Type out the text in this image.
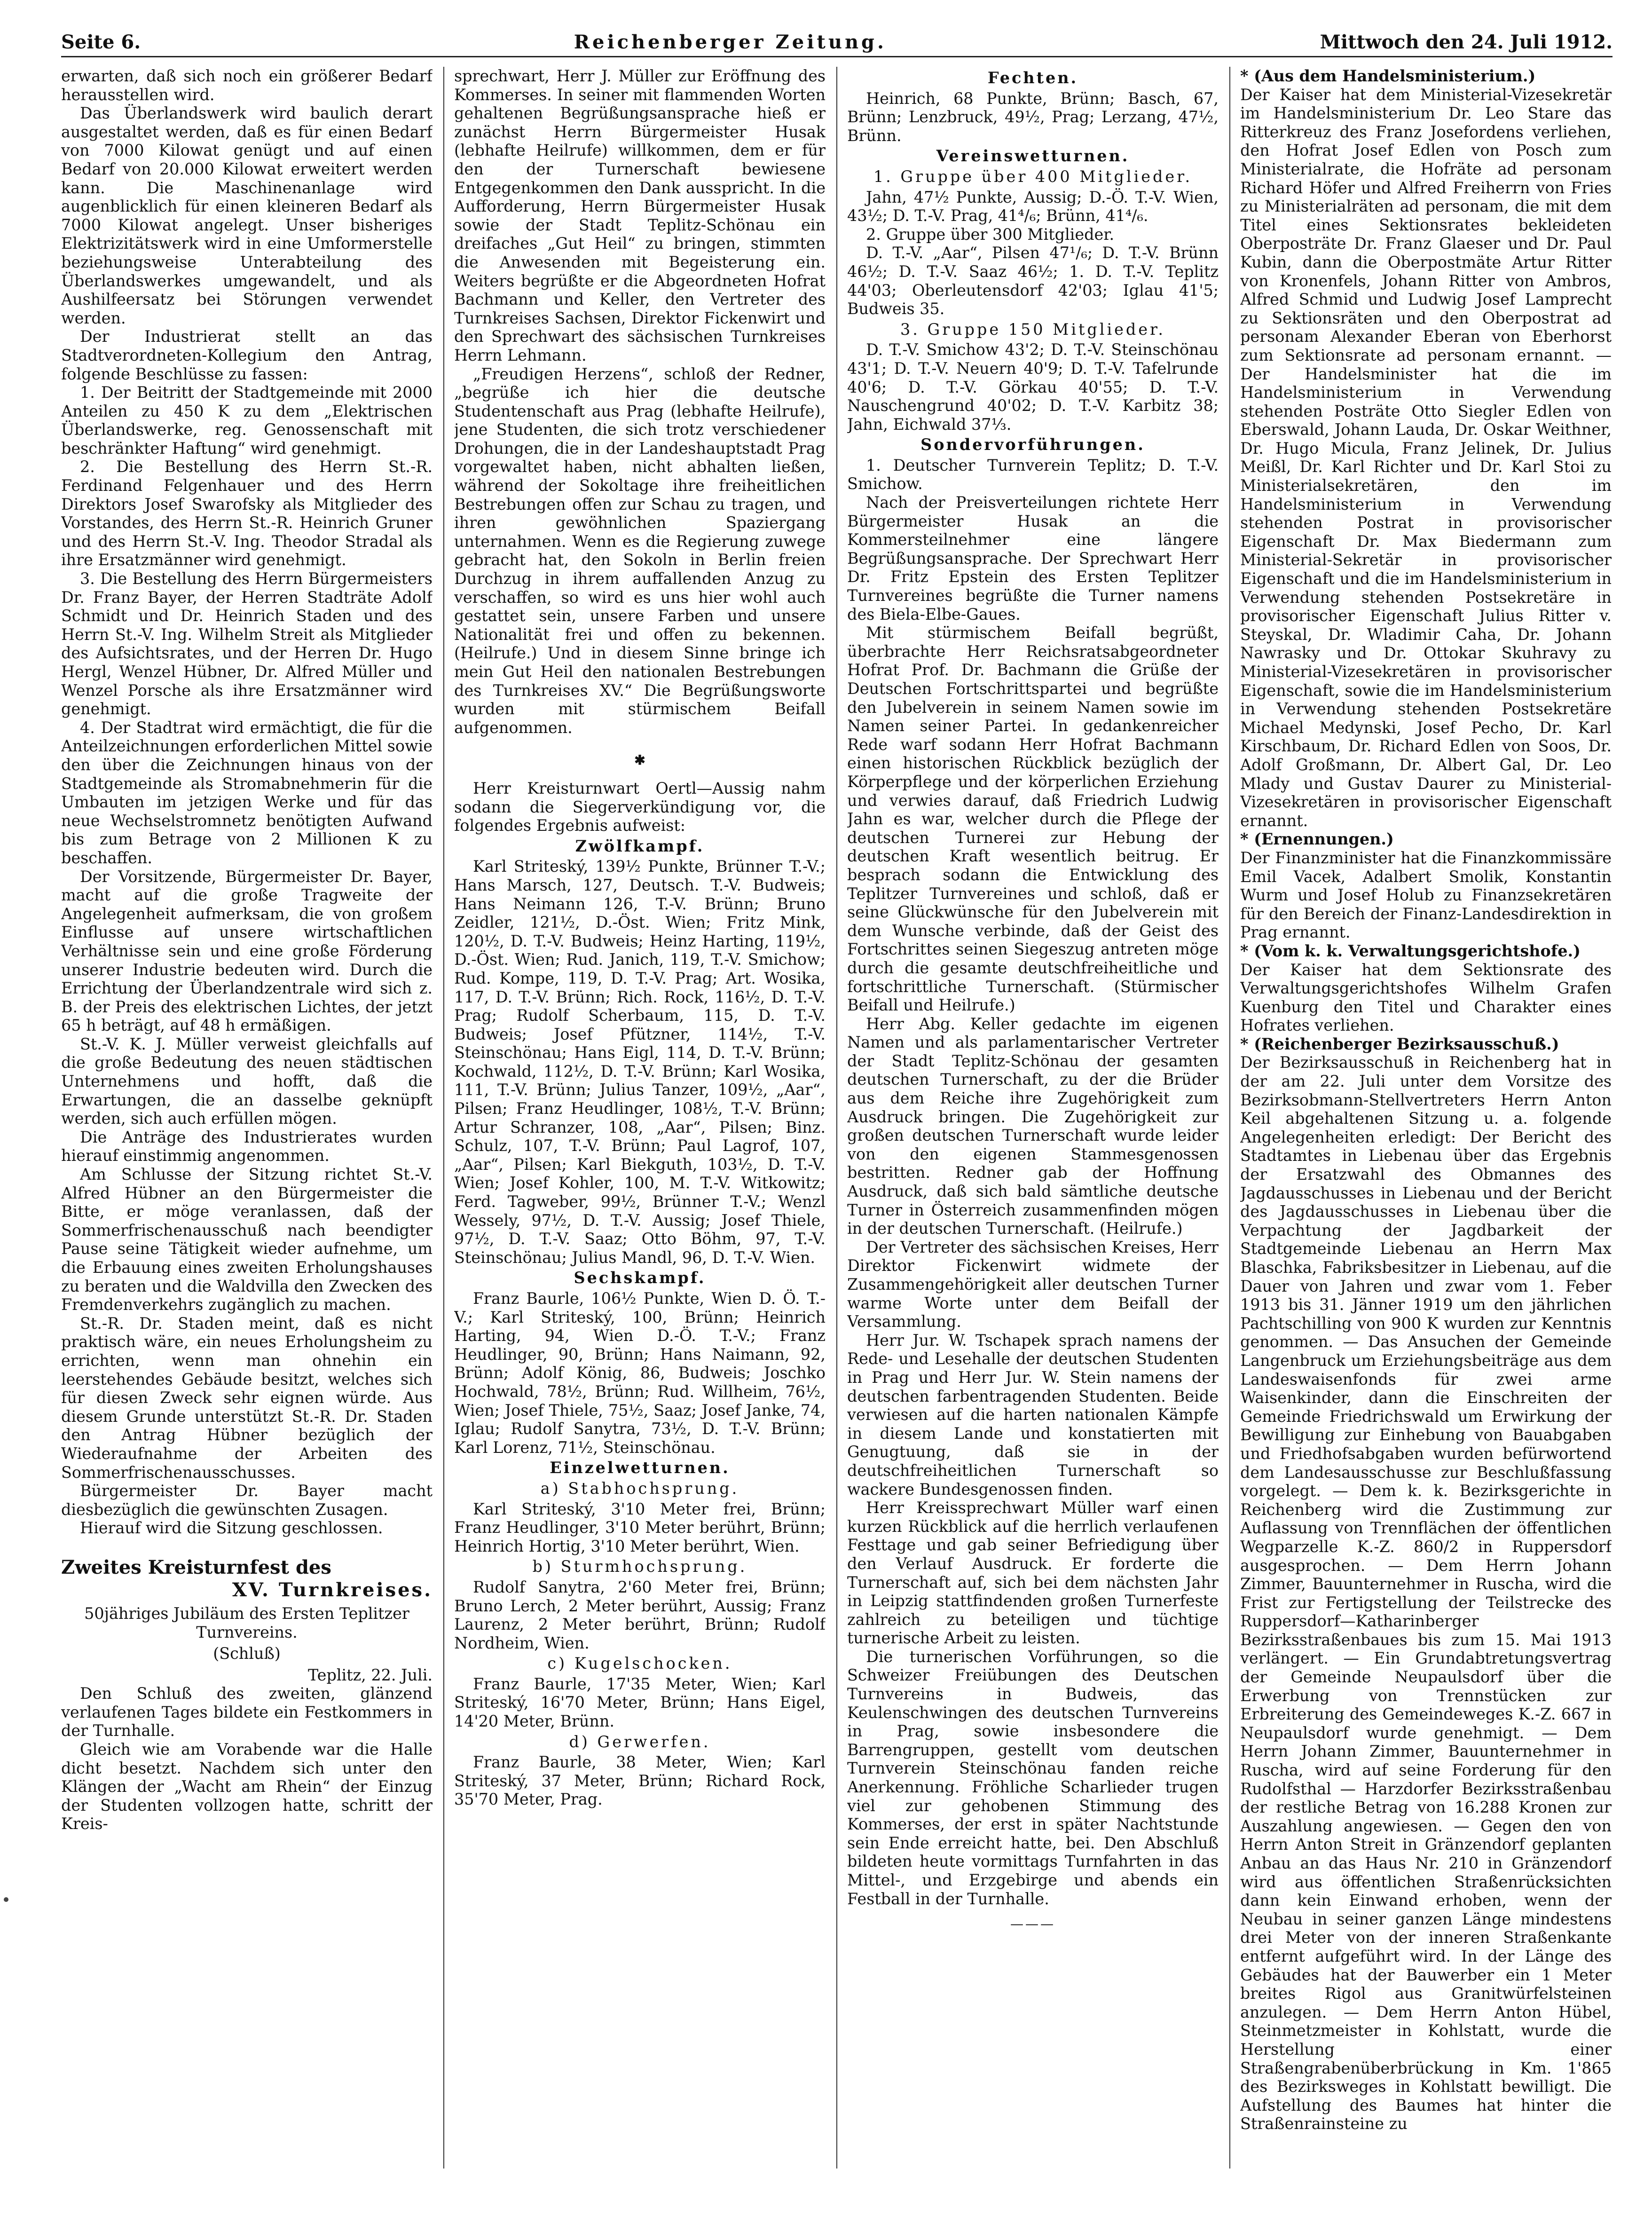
Seite 6.	Reichenberger Zeitung.	Mittwoch den 24. Juli 1912.

erwarten, daß sich noch ein größerer Bedarf herausstellen wird.

Das Überlandswerk wird baulich derart ausgestaltet werden, daß es für einen Bedarf von 7000 Kilowat genügt und auf einen Bedarf von 20.000 Kilowat erweitert werden kann. Die Maschinenanlage wird augenblicklich für einen kleineren Bedarf als 7000 Kilowat angelegt. Unser bisheriges Elektrizitätswerk wird in eine Umformerstelle beziehungsweise Unterabteilung des Überlandswerkes umgewandelt, und als Aushilfeersatz bei Störungen verwendet werden.

Der Industrierat stellt an das Stadtverordneten-Kollegium den Antrag, folgende Beschlüsse zu fassen:

1. Der Beitritt der Stadtgemeinde mit 2000 Anteilen zu 450 K zu dem „Elektrischen Überlandswerke, reg. Genossenschaft mit beschränkter Haftung“ wird genehmigt.

2. Die Bestellung des Herrn St.-R. Ferdinand Felgenhauer und des Herrn Direktors Josef Swarofsky als Mitglieder des Vorstandes, des Herrn St.-R. Heinrich Gruner und des Herrn St.-V. Ing. Theodor Stradal als ihre Ersatzmänner wird genehmigt.

3. Die Bestellung des Herrn Bürgermeisters Dr. Franz Bayer, der Herren Stadträte Adolf Schmidt und Dr. Heinrich Staden und des Herrn St.-V. Ing. Wilhelm Streit als Mitglieder des Aufsichtsrates, und der Herren Dr. Hugo Hergl, Wenzel Hübner, Dr. Alfred Müller und Wenzel Porsche als ihre Ersatzmänner wird genehmigt.

4. Der Stadtrat wird ermächtigt, die für die Anteilzeichnungen erforderlichen Mittel sowie den über die Zeichnungen hinaus von der Stadtgemeinde als Stromabnehmerin für die Umbauten im jetzigen Werke und für das neue Wechselstromnetz benötigten Aufwand bis zum Betrage von 2 Millionen K zu beschaffen.

Der Vorsitzende, Bürgermeister Dr. Bayer, macht auf die große Tragweite der Angelegenheit aufmerksam, die von großem Einflusse auf unsere wirtschaftlichen Verhältnisse sein und eine große Förderung unserer Industrie bedeuten wird. Durch die Errichtung der Überlandzentrale wird sich z. B. der Preis des elektrischen Lichtes, der jetzt 65 h beträgt, auf 48 h ermäßigen.

St.-V. K. J. Müller verweist gleichfalls auf die große Bedeutung des neuen städtischen Unternehmens und hofft, daß die Erwartungen, die an dasselbe geknüpft werden, sich auch erfüllen mögen.

Die Anträge des Industrierates wurden hierauf einstimmig angenommen.

Am Schlusse der Sitzung richtet St.-V. Alfred Hübner an den Bürgermeister die Bitte, er möge veranlassen, daß der Sommerfrischenausschuß nach beendigter Pause seine Tätigkeit wieder aufnehme, um die Erbauung eines zweiten Erholungshauses zu beraten und die Waldvilla den Zwecken des Fremdenverkehrs zugänglich zu machen.

St.-R. Dr. Staden meint, daß es nicht praktisch wäre, ein neues Erholungsheim zu errichten, wenn man ohnehin ein leerstehendes Gebäude besitzt, welches sich für diesen Zweck sehr eignen würde. Aus diesem Grunde unterstützt St.-R. Dr. Staden den Antrag Hübner bezüglich der Wiederaufnahme der Arbeiten des Sommerfrischenausschusses.

Bürgermeister Dr. Bayer macht diesbezüglich die gewünschten Zusagen.

Hierauf wird die Sitzung geschlossen.

Zweites Kreisturnfest des

XV. Turnkreises.

50jähriges Jubiläum des Ersten Teplitzer Turnvereins.

(Schluß)

Teplitz, 22. Juli.

Den Schluß des zweiten, glänzend verlaufenen Tages bildete ein Festkommers in der Turnhalle.

Gleich wie am Vorabende war die Halle dicht besetzt. Nachdem sich unter den Klängen der „Wacht am Rhein“ der Einzug der Studenten vollzogen hatte, schritt der Kreis-

sprechwart, Herr J. Müller zur Eröffnung des Kommerses. In seiner mit flammenden Worten gehaltenen Begrüßungsansprache hieß er zunächst Herrn Bürgermeister Husak (lebhafte Heilrufe) willkommen, dem er für den der Turnerschaft bewiesene Entgegenkommen den Dank ausspricht. In die Aufforderung, Herrn Bürgermeister Husak sowie der Stadt Teplitz-Schönau ein dreifaches „Gut Heil“ zu bringen, stimmten die Anwesenden mit Begeisterung ein. Weiters begrüßte er die Abgeordneten Hofrat Bachmann und Keller, den Vertreter des Turnkreises Sachsen, Direktor Fickenwirt und den Sprechwart des sächsischen Turnkreises Herrn Lehmann.

„Freudigen Herzens“, schloß der Redner, „begrüße ich hier die deutsche Studentenschaft aus Prag (lebhafte Heilrufe), jene Studenten, die sich trotz verschiedener Drohungen, die in der Landeshauptstadt Prag vorgewaltet haben, nicht abhalten ließen, während der Sokoltage ihre freiheitlichen Bestrebungen offen zur Schau zu tragen, und ihren gewöhnlichen Spaziergang unternahmen. Wenn es die Regierung zuwege gebracht hat, den Sokoln in Berlin freien Durchzug in ihrem auffallenden Anzug zu verschaffen, so wird es uns hier wohl auch gestattet sein, unsere Farben und unsere Nationalität frei und offen zu bekennen. (Heilrufe.) Und in diesem Sinne bringe ich mein Gut Heil den nationalen Bestrebungen des Turnkreises XV.“ Die Begrüßungsworte wurden mit stürmischem Beifall aufgenommen.

✱

Herr Kreisturnwart Oertl—Aussig nahm sodann die Siegerverkündigung vor, die folgendes Ergebnis aufweist:

Zwölfkampf.

Karl Striteský, 139½ Punkte, Brünner T.-V.; Hans Marsch, 127, Deutsch. T.-V. Budweis; Hans Neimann 126, T.-V. Brünn; Bruno Zeidler, 121½, D.-Öst. Wien; Fritz Mink, 120½, D. T.-V. Budweis; Heinz Harting, 119½, D.-Öst. Wien; Rud. Janich, 119, T.-V. Smichow; Rud. Kompe, 119, D. T.-V. Prag; Art. Wosika, 117, D. T.-V. Brünn; Rich. Rock, 116½, D. T.-V. Prag; Rudolf Scherbaum, 115, D. T.-V. Budweis; Josef Pfützner, 114½, T.-V. Steinschönau; Hans Eigl, 114, D. T.-V. Brünn; Kochwald, 112½, D. T.-V. Brünn; Karl Wosika, 111, T.-V. Brünn; Julius Tanzer, 109½, „Aar“, Pilsen; Franz Heudlinger, 108½, T.-V. Brünn; Artur Schranzer, 108, „Aar“, Pilsen; Binz. Schulz, 107, T.-V. Brünn; Paul Lagrof, 107, „Aar“, Pilsen; Karl Biekguth, 103½, D. T.-V. Wien; Josef Kohler, 100, M. T.-V. Witkowitz; Ferd. Tagweber, 99½, Brünner T.-V.; Wenzl Wessely, 97½, D. T.-V. Aussig; Josef Thiele, 97½, D. T.-V. Saaz; Otto Böhm, 97, T.-V. Steinschönau; Julius Mandl, 96, D. T.-V. Wien.

Sechskampf.

Franz Baurle, 106½ Punkte, Wien D. Ö. T.-V.; Karl Striteský, 100, Brünn; Heinrich Harting, 94, Wien D.-Ö. T.-V.; Franz Heudlinger, 90, Brünn; Hans Naimann, 92, Brünn; Adolf König, 86, Budweis; Joschko Hochwald, 78½, Brünn; Rud. Willheim, 76½, Wien; Josef Thiele, 75½, Saaz; Josef Janke, 74, Iglau; Rudolf Sanytra, 73½, D. T.-V. Brünn; Karl Lorenz, 71½, Steinschönau.

Einzelwetturnen.

a) Stabhochsprung.

Karl Striteský, 3'10 Meter frei, Brünn; Franz Heudlinger, 3'10 Meter berührt, Brünn; Heinrich Hortig, 3'10 Meter berührt, Wien.

b) Sturmhochsprung.

Rudolf Sanytra, 2'60 Meter frei, Brünn; Bruno Lerch, 2 Meter berührt, Aussig; Franz Laurenz, 2 Meter berührt, Brünn; Rudolf Nordheim, Wien.

c) Kugelschocken.

Franz Baurle, 17'35 Meter, Wien; Karl Striteský, 16'70 Meter, Brünn; Hans Eigel, 14'20 Meter, Brünn.

d) Gerwerfen.

Franz Baurle, 38 Meter, Wien; Karl Striteský, 37 Meter, Brünn; Richard Rock, 35'70 Meter, Prag.

Fechten.

Heinrich, 68 Punkte, Brünn; Basch, 67, Brünn; Lenzbruck, 49½, Prag; Lerzang, 47½, Brünn.

Vereinswetturnen.

1. Gruppe über 400 Mitglieder.

Jahn, 47½ Punkte, Aussig; D.-Ö. T.-V. Wien, 43½; D. T.-V. Prag, 41⁴/₆; Brünn, 41⁴/₆.

2. Gruppe über 300 Mitglieder.

D. T.-V. „Aar“, Pilsen 47¹/₆; D. T.-V. Brünn 46½; D. T.-V. Saaz 46½; 1. D. T.-V. Teplitz 44'03; Oberleutensdorf 42'03; Iglau 41'5; Budweis 35.

3. Gruppe 150 Mitglieder.

D. T.-V. Smichow 43'2; D. T.-V. Steinschönau 43'1; D. T.-V. Neuern 40'9; D. T.-V. Tafelrunde 40'6; D. T.-V. Görkau 40'55; D. T.-V. Nauschengrund 40'02; D. T.-V. Karbitz 38; Jahn, Eichwald 37⅓.

Sondervorführungen.

1. Deutscher Turnverein Teplitz; D. T.-V. Smichow.

Nach der Preisverteilungen richtete Herr Bürgermeister Husak an die Kommersteilnehmer eine längere Begrüßungsansprache. Der Sprechwart Herr Dr. Fritz Epstein des Ersten Teplitzer Turnvereines begrüßte die Turner namens des Biela-Elbe-Gaues.

Mit stürmischem Beifall begrüßt, überbrachte Herr Reichsratsabgeordneter Hofrat Prof. Dr. Bachmann die Grüße der Deutschen Fortschrittspartei und begrüßte den Jubelverein in seinem Namen sowie im Namen seiner Partei. In gedankenreicher Rede warf sodann Herr Hofrat Bachmann einen historischen Rückblick bezüglich der Körperpflege und der körperlichen Erziehung und verwies darauf, daß Friedrich Ludwig Jahn es war, welcher durch die Pflege der deutschen Turnerei zur Hebung der deutschen Kraft wesentlich beitrug. Er besprach sodann die Entwicklung des Teplitzer Turnvereines und schloß, daß er seine Glückwünsche für den Jubelverein mit dem Wunsche verbinde, daß der Geist des Fortschrittes seinen Siegeszug antreten möge durch die gesamte deutschfreiheitliche und fortschrittliche Turnerschaft. (Stürmischer Beifall und Heilrufe.)

Herr Abg. Keller gedachte im eigenen Namen und als parlamentarischer Vertreter der Stadt Teplitz-Schönau der gesamten deutschen Turnerschaft, zu der die Brüder aus dem Reiche ihre Zugehörigkeit zum Ausdruck bringen. Die Zugehörigkeit zur großen deutschen Turnerschaft wurde leider von den eigenen Stammesgenossen bestritten. Redner gab der Hoffnung Ausdruck, daß sich bald sämtliche deutsche Turner in Österreich zusammenfinden mögen in der deutschen Turnerschaft. (Heilrufe.)

Der Vertreter des sächsischen Kreises, Herr Direktor Fickenwirt widmete der Zusammengehörigkeit aller deutschen Turner warme Worte unter dem Beifall der Versammlung.

Herr Jur. W. Tschapek sprach namens der Rede- und Lesehalle der deutschen Studenten in Prag und Herr Jur. W. Stein namens der deutschen farbentragenden Studenten. Beide verwiesen auf die harten nationalen Kämpfe in diesem Lande und konstatierten mit Genugtuung, daß sie in der deutschfreiheitlichen Turnerschaft so wackere Bundesgenossen finden.

Herr Kreissprechwart Müller warf einen kurzen Rückblick auf die herrlich verlaufenen Festtage und gab seiner Befriedigung über den Verlauf Ausdruck. Er forderte die Turnerschaft auf, sich bei dem nächsten Jahr in Leipzig stattfindenden großen Turnerfeste zahlreich zu beteiligen und tüchtige turnerische Arbeit zu leisten.

Die turnerischen Vorführungen, so die Schweizer Freiübungen des Deutschen Turnvereins in Budweis, das Keulenschwingen des deutschen Turnvereins in Prag, sowie insbesondere die Barrengruppen, gestellt vom deutschen Turnverein Steinschönau fanden reiche Anerkennung. Fröhliche Scharlieder trugen viel zur gehobenen Stimmung des Kommerses, der erst in später Nachtstunde sein Ende erreicht hatte, bei. Den Abschluß bildeten heute vormittags Turnfahrten in das Mittel-, und Erzgebirge und abends ein Festball in der Turnhalle.

———

* (Aus dem Handelsministerium.)

Der Kaiser hat dem Ministerial-Vizesekretär im Handelsministerium Dr. Leo Stare das Ritterkreuz des Franz Josefordens verliehen, den Hofrat Josef Edlen von Posch zum Ministerialrate, die Hofräte ad personam Richard Höfer und Alfred Freiherrn von Fries zu Ministerialräten ad personam, die mit dem Titel eines Sektionsrates bekleideten Oberposträte Dr. Franz Glaeser und Dr. Paul Kubin, dann die Oberpostmäte Artur Ritter von Kronenfels, Johann Ritter von Ambros, Alfred Schmid und Ludwig Josef Lamprecht zu Sektionsräten und den Oberpostrat ad personam Alexander Eberan von Eberhorst zum Sektionsrate ad personam ernannt. — Der Handelsminister hat die im Handelsministerium in Verwendung stehenden Posträte Otto Siegler Edlen von Eberswald, Johann Lauda, Dr. Oskar Weithner, Dr. Hugo Micula, Franz Jelinek, Dr. Julius Meißl, Dr. Karl Richter und Dr. Karl Stoi zu Ministerialsekretären, den im Handelsministerium in Verwendung stehenden Postrat in provisorischer Eigenschaft Dr. Max Biedermann zum Ministerial-Sekretär in provisorischer Eigenschaft und die im Handelsministerium in Verwendung stehenden Postsekretäre in provisorischer Eigenschaft Julius Ritter v. Steyskal, Dr. Wladimir Caha, Dr. Johann Nawrasky und Dr. Ottokar Skuhravy zu Ministerial-Vizesekretären in provisorischer Eigenschaft, sowie die im Handelsministerium in Verwendung stehenden Postsekretäre Michael Medynski, Josef Pecho, Dr. Karl Kirschbaum, Dr. Richard Edlen von Soos, Dr. Adolf Großmann, Dr. Albert Gal, Dr. Leo Mlady und Gustav Daurer zu Ministerial-Vizesekretären in provisorischer Eigenschaft ernannt.

* (Ernennungen.)

Der Finanzminister hat die Finanzkommissäre Emil Vacek, Adalbert Smolik, Konstantin Wurm und Josef Holub zu Finanzsekretären für den Bereich der Finanz-Landesdirektion in Prag ernannt.

* (Vom k. k. Verwaltungsgerichtshofe.)

Der Kaiser hat dem Sektionsrate des Verwaltungsgerichtshofes Wilhelm Grafen Kuenburg den Titel und Charakter eines Hofrates verliehen.

* (Reichenberger Bezirksausschuß.)

Der Bezirksausschuß in Reichenberg hat in der am 22. Juli unter dem Vorsitze des Bezirksobmann-Stellvertreters Herrn Anton Keil abgehaltenen Sitzung u. a. folgende Angelegenheiten erledigt: Der Bericht des Stadtamtes in Liebenau über das Ergebnis der Ersatzwahl des Obmannes des Jagdausschusses in Liebenau und der Bericht des Jagdausschusses in Liebenau über die Verpachtung der Jagdbarkeit der Stadtgemeinde Liebenau an Herrn Max Blaschka, Fabriksbesitzer in Liebenau, auf die Dauer von Jahren und zwar vom 1. Feber 1913 bis 31. Jänner 1919 um den jährlichen Pachtschilling von 900 K wurden zur Kenntnis genommen. — Das Ansuchen der Gemeinde Langenbruck um Erziehungsbeiträge aus dem Landeswaisenfonds für zwei arme Waisenkinder, dann die Einschreiten der Gemeinde Friedrichswald um Erwirkung der Bewilligung zur Einhebung von Bauabgaben und Friedhofsabgaben wurden befürwortend dem Landesausschusse zur Beschlußfassung vorgelegt. — Dem k. k. Bezirksgerichte in Reichenberg wird die Zustimmung zur Auflassung von Trennflächen der öffentlichen Wegparzelle K.-Z. 860/2 in Ruppersdorf ausgesprochen. — Dem Herrn Johann Zimmer, Bauunternehmer in Ruscha, wird die Frist zur Fertigstellung der Teilstrecke des Ruppersdorf—Katharinberger Bezirksstraßenbaues bis zum 15. Mai 1913 verlängert. — Ein Grundabtretungsvertrag der Gemeinde Neupaulsdorf über die Erwerbung von Trennstücken zur Erbreiterung des Gemeindeweges K.-Z. 667 in Neupaulsdorf wurde genehmigt. — Dem Herrn Johann Zimmer, Bauunternehmer in Ruscha, wird auf seine Forderung für den Rudolfsthal — Harzdorfer Bezirksstraßenbau der restliche Betrag von 16.288 Kronen zur Auszahlung angewiesen. — Gegen den von Herrn Anton Streit in Gränzendorf geplanten Anbau an das Haus Nr. 210 in Gränzendorf wird aus öffentlichen Straßenrücksichten dann kein Einwand erhoben, wenn der Neubau in seiner ganzen Länge mindestens drei Meter von der inneren Straßenkante entfernt aufgeführt wird. In der Länge des Gebäudes hat der Bauwerber ein 1 Meter breites Rigol aus Granitwürfelsteinen anzulegen. — Dem Herrn Anton Hübel, Steinmetzmeister in Kohlstatt, wurde die Herstellung einer Straßengrabenüberbrückung in Km. 1'865 des Bezirksweges in Kohlstatt bewilligt. Die Aufstellung des Baumes hat hinter die Straßenrainsteine zu
